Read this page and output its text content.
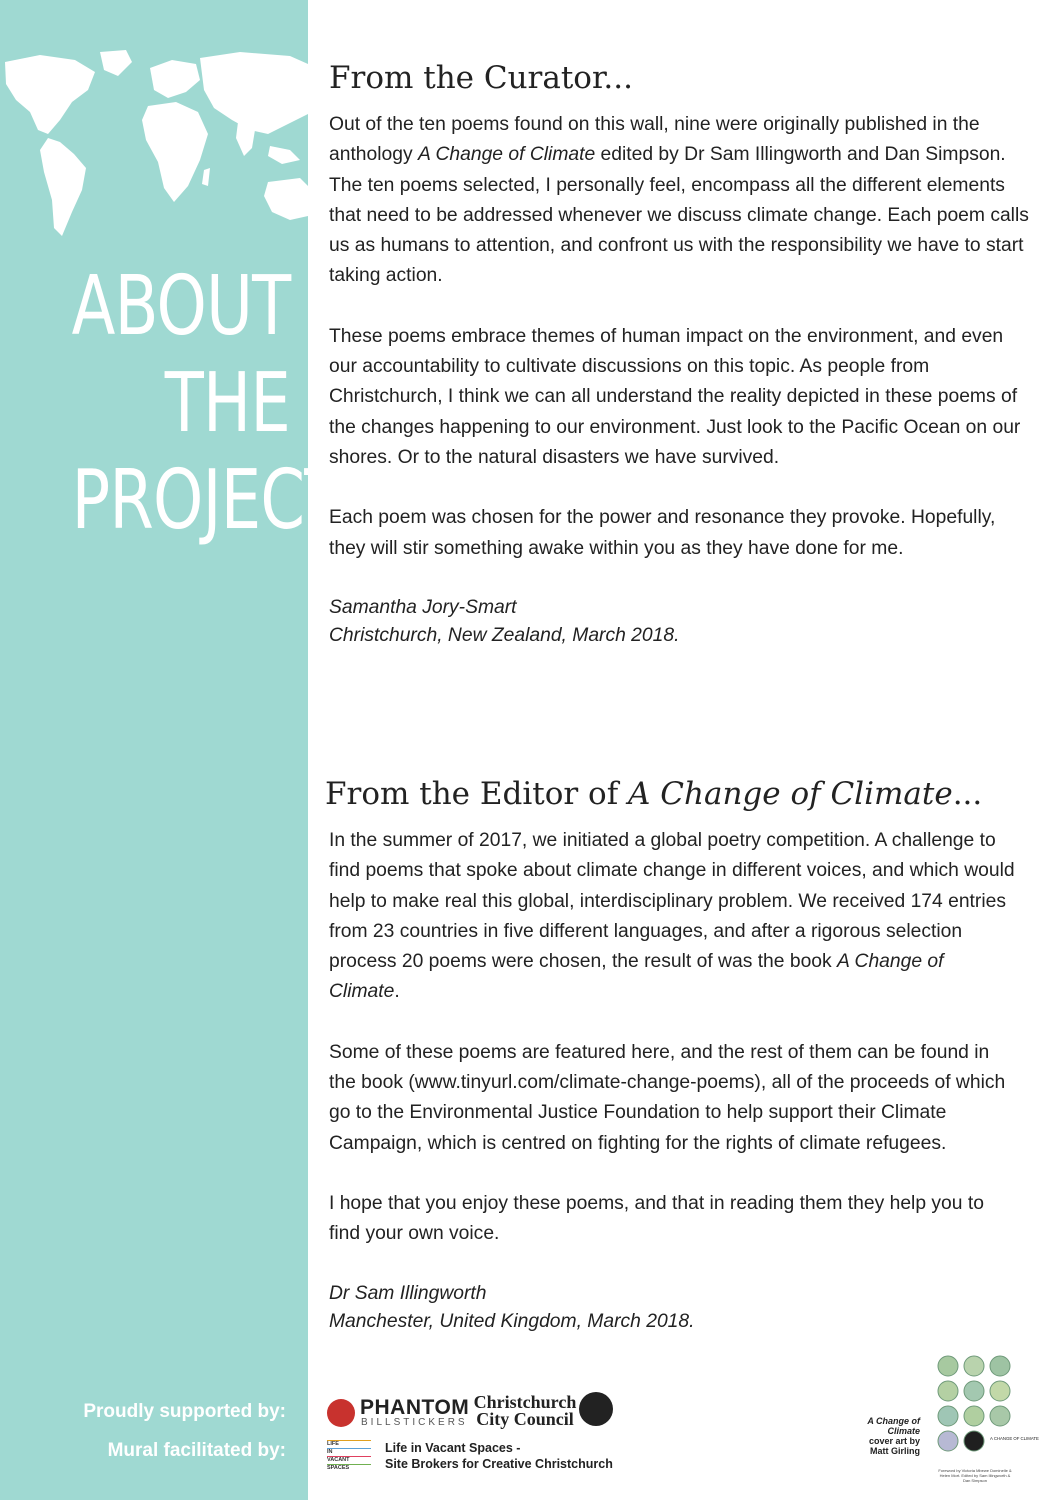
ABOUT
THE
PROJECT
Proudly supported by:
Mural facilitated by:
From the Curator...

Out of the ten poems found on this wall, nine were originally published in the anthology A Change of Climate edited by Dr Sam Illingworth and Dan Simpson. The ten poems selected, I personally feel, encompass all the different elements that need to be addressed whenever we discuss climate change. Each poem calls us as humans to attention, and confront us with the responsibility we have to start taking action.

These poems embrace themes of human impact on the environment, and even our accountability to cultivate discussions on this topic. As people from Christchurch, I think we can all understand the reality depicted in these poems of the changes happening to our environment. Just look to the Pacific Ocean on our shores. Or to the natural disasters we have survived.

Each poem was chosen for the power and resonance they provoke. Hopefully, they will stir something awake within you as they have done for me.

Samantha Jory-Smart

Christchurch, New Zealand, March 2018.

From the Editor of A Change of Climate...

In the summer of 2017, we initiated a global poetry competition. A challenge to find poems that spoke about climate change in different voices, and which would help to make real this global, interdisciplinary problem. We received 174 entries from 23 countries in five different languages, and after a rigorous selection process 20 poems were chosen, the result of was the book A Change of Climate.

Some of these poems are featured here, and the rest of them can be found in the book (www.tinyurl.com/climate-change-poems), all of the proceeds of which go to the Environmental Justice Foundation to help support their Climate Campaign, which is centred on fighting for the rights of climate refugees.

I hope that you enjoy these poems, and that in reading them they help you to find your own voice.

Dr Sam Illingworth

Manchester, United Kingdom, March 2018.

PHANTOM
BILLSTICKERS
Christchurch
City Council
LIFE
IN
VACANT
SPACES
Life in Vacant Spaces -
Site Brokers for Creative Christchurch
A Change of Climate cover art by Matt Girling
A CHANGE OF CLIMATE
Foreword by Victoria Mbewe Dominelle & Helen Mort. Edited by Sam Illingworth & Dan Simpson
